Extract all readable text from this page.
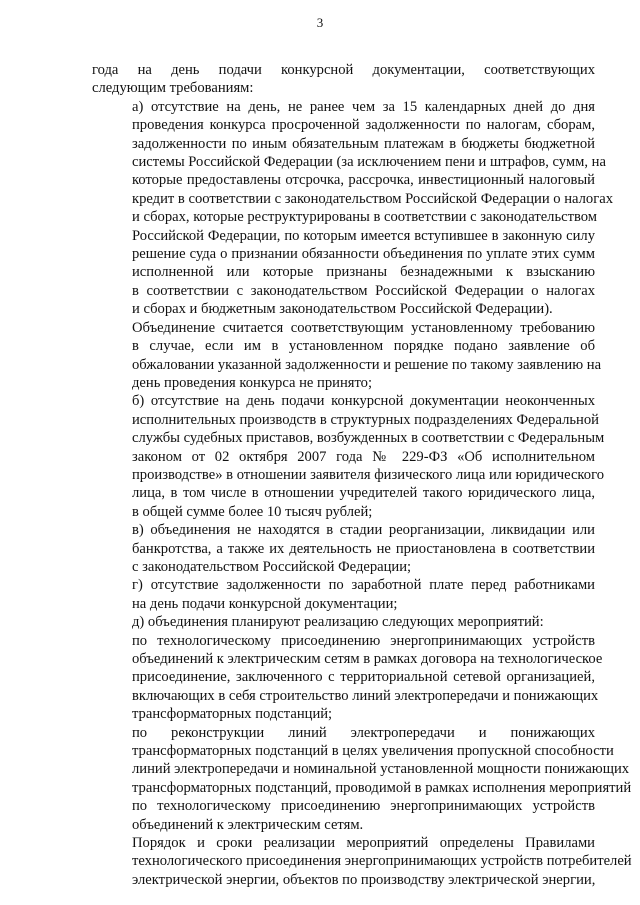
3

года на день подачи конкурсной документации, соответствующих
следующим требованиям:

а) отсутствие на день, не ранее чем за 15 календарных дней до дня
проведения конкурса просроченной задолженности по налогам, сборам,
задолженности по иным обязательным платежам в бюджеты бюджетной
системы Российской Федерации (за исключением пени и штрафов, сумм, на
которые предоставлены отсрочка, рассрочка, инвестиционный налоговый
кредит в соответствии с законодательством Российской Федерации о налогах
и сборах, которые реструктурированы в соответствии с законодательством
Российской Федерации, по которым имеется вступившее в законную силу
решение суда о признании обязанности объединения по уплате этих сумм
исполненной или которые признаны безнадежными к взысканию
в соответствии с законодательством Российской Федерации о налогах
и сборах и бюджетным законодательством Российской Федерации).

Объединение считается соответствующим установленному требованию
в случае, если им в установленном порядке подано заявление об
обжаловании указанной задолженности и решение по такому заявлению на
день проведения конкурса не принято;

б) отсутствие на день подачи конкурсной документации неоконченных
исполнительных производств в структурных подразделениях Федеральной
службы судебных приставов, возбужденных в соответствии с Федеральным
законом от 02 октября 2007 года № 229-ФЗ «Об исполнительном
производстве» в отношении заявителя физического лица или юридического
лица, в том числе в отношении учредителей такого юридического лица,
в общей сумме более 10 тысяч рублей;

в) объединения не находятся в стадии реорганизации, ликвидации или
банкротства, а также их деятельность не приостановлена в соответствии
с законодательством Российской Федерации;

г) отсутствие задолженности по заработной плате перед работниками
на день подачи конкурсной документации;

д) объединения планируют реализацию следующих мероприятий:

по технологическому присоединению энергопринимающих устройств
объединений к электрическим сетям в рамках договора на технологическое
присоединение, заключенного с территориальной сетевой организацией,
включающих в себя строительство линий электропередачи и понижающих
трансформаторных подстанций;

по реконструкции линий электропередачи и понижающих
трансформаторных подстанций в целях увеличения пропускной способности
линий электропередачи и номинальной установленной мощности понижающих
трансформаторных подстанций, проводимой в рамках исполнения мероприятий
по технологическому присоединению энергопринимающих устройств
объединений к электрическим сетям.

Порядок и сроки реализации мероприятий определены Правилами
технологического присоединения энергопринимающих устройств потребителей
электрической энергии, объектов по производству электрической энергии,
